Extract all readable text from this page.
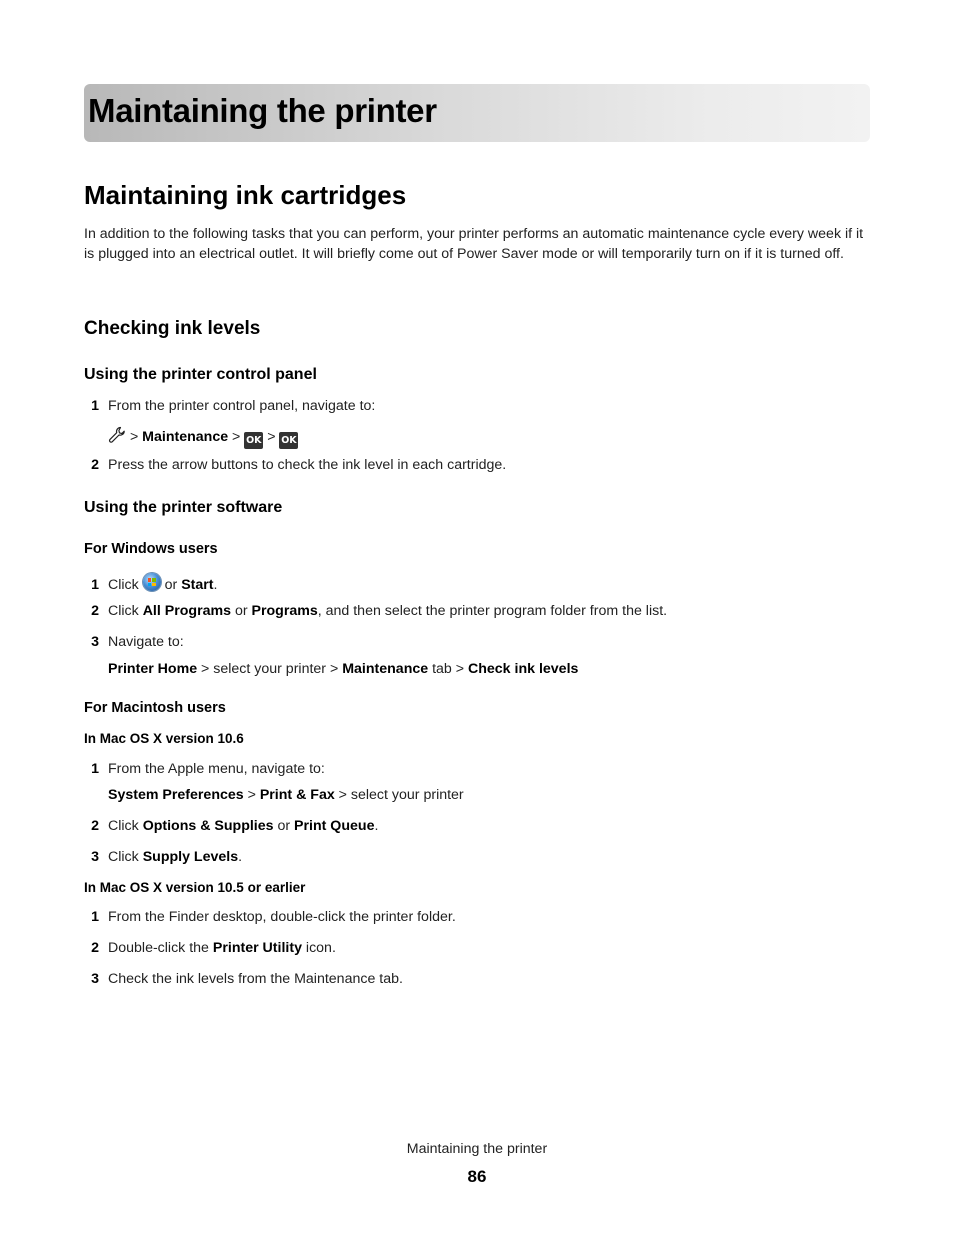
Maintaining the printer
Maintaining ink cartridges

In addition to the following tasks that you can perform, your printer performs an automatic maintenance cycle every week if it is plugged into an electrical outlet. It will briefly come out of Power Saver mode or will temporarily turn on if it is turned off.

Checking ink levels
Using the printer control panel
1 From the printer control panel, navigate to:
> Maintenance > OK > OK
2 Press the arrow buttons to check the ink level in each cartridge.
Using the printer software
For Windows users
1 Click
or Start.
2 Click All Programs or Programs, and then select the printer program folder from the list.
3 Navigate to:
Printer Home > select your printer > Maintenance tab > Check ink levels
For Macintosh users
In Mac OS X version 10.6
1 From the Apple menu, navigate to:
System Preferences > Print & Fax > select your printer
2 Click Options & Supplies or Print Queue.
3 Click Supply Levels.
In Mac OS X version 10.5 or earlier
1 From the Finder desktop, double-click the printer folder.
2 Double-click the Printer Utility icon.
3 Check the ink levels from the Maintenance tab.
Maintaining the printer
86
